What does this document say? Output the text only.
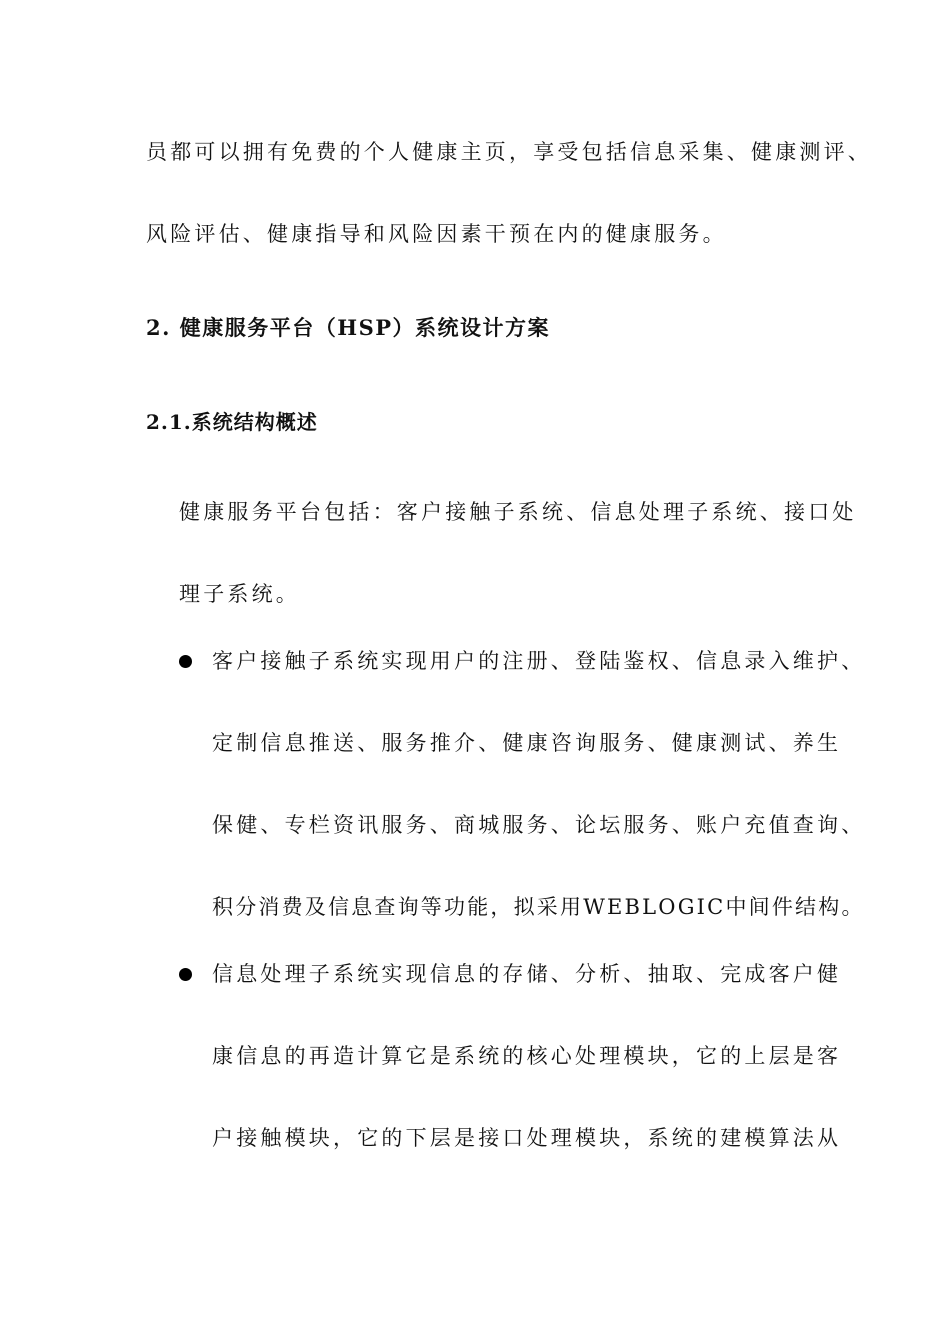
员都可以拥有免费的个人健康主页，享受包括信息采集、健康测评、

风险评估、健康指导和风险因素干预在内的健康服务。

2. 健康服务平台（HSP）系统设计方案
2.1.系统结构概述

健康服务平台包括：客户接触子系统、信息处理子系统、接口处

理子系统。

客户接触子系统实现用户的注册、登陆鉴权、信息录入维护、

定制信息推送、服务推介、健康咨询服务、健康测试、养生

保健、专栏资讯服务、商城服务、论坛服务、账户充值查询、

积分消费及信息查询等功能，拟采用WEBLOGIC中间件结构。

信息处理子系统实现信息的存储、分析、抽取、完成客户健

康信息的再造计算它是系统的核心处理模块，它的上层是客

户接触模块，它的下层是接口处理模块，系统的建模算法从
